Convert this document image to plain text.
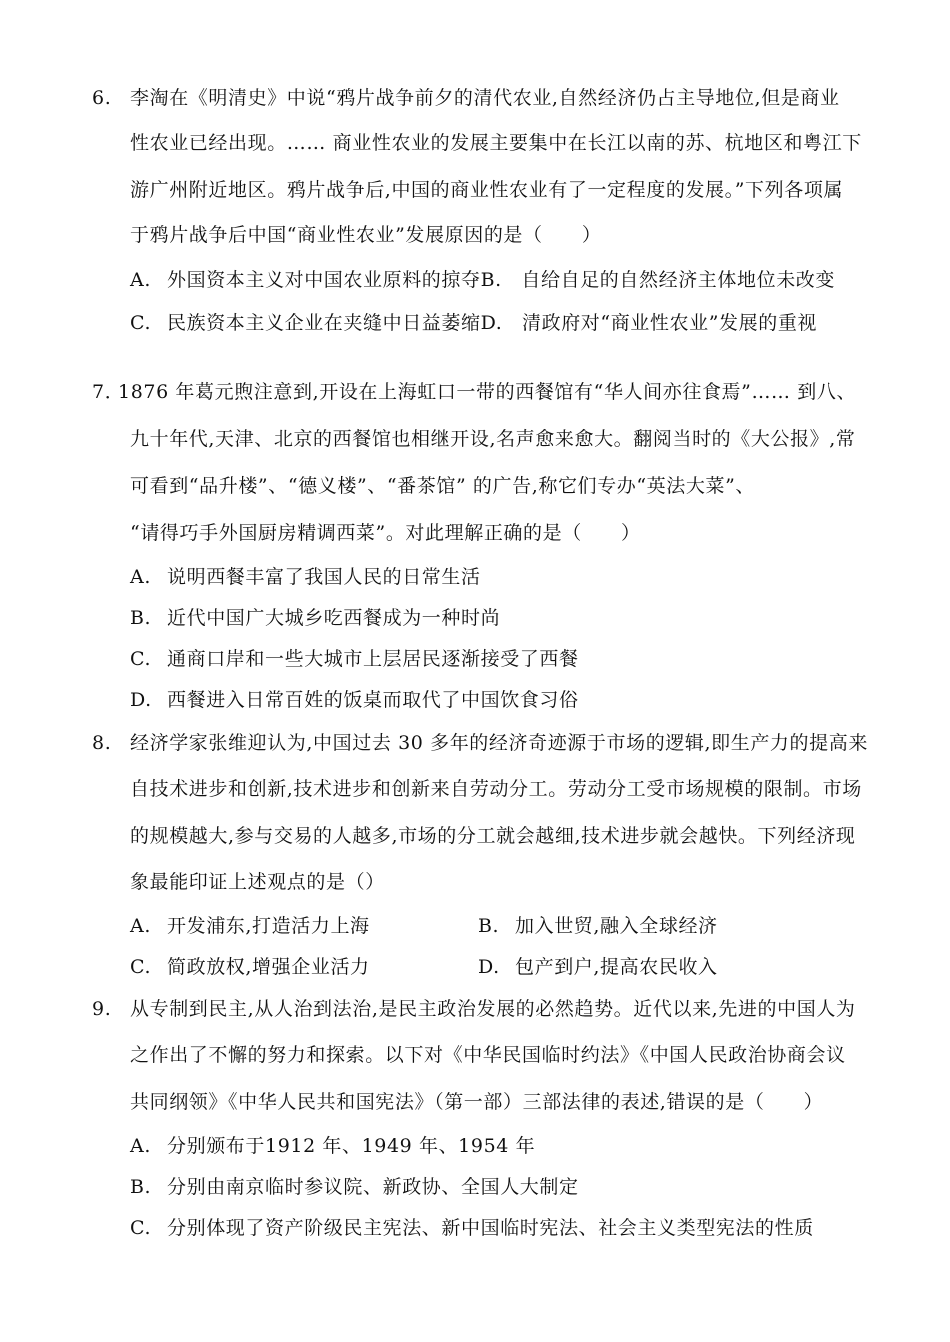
6. 李淘在《明清史》中说“鸦片战争前夕的清代农业,自然经济仍占主导地位,但是商业
性农业已经出现。…… 商业性农业的发展主要集中在长江以南的苏、杭地区和粤江下
游广州附近地区。鸦片战争后,中国的商业性农业有了一定程度的发展。”下列各项属
于鸦片战争后中国“商业性农业”发展原因的是（　　）
A. 外国资本主义对中国农业原料的掠夺B.　自给自足的自然经济主体地位未改变
C. 民族资本主义企业在夹缝中日益萎缩D.　清政府对“商业性农业”发展的重视
7．
1876 年葛元煦注意到,开设在上海虹口一带的西餐馆有“华人间亦往食焉”…… 到八、
九十年代,天津、北京的西餐馆也相继开设,名声愈来愈大。翻阅当时的《大公报》,常
可看到“品升楼”、“德义楼”、“番茶馆” 的广告,称它们专办“英法大菜”、
“请得巧手外国厨房精调西菜”。对此理解正确的是（　　）
A. 说明西餐丰富了我国人民的日常生活
B. 近代中国广大城乡吃西餐成为一种时尚
C. 通商口岸和一些大城市上层居民逐渐接受了西餐
D. 西餐进入日常百姓的饭桌而取代了中国饮食习俗
8. 经济学家张维迎认为,中国过去 30 多年的经济奇迹源于市场的逻辑,即生产力的提高来
自技术进步和创新,技术进步和创新来自劳动分工。劳动分工受市场规模的限制。市场
的规模越大,参与交易的人越多,市场的分工就会越细,技术进步就会越快。下列经济现
象最能印证上述观点的是（）
A. 开发浦东,打造活力上海	B. 加入世贸,融入全球经济
C. 简政放权,增强企业活力	D. 包产到户,提高农民收入
9. 从专制到民主,从人治到法治,是民主政治发展的必然趋势。近代以来,先进的中国人为
之作出了不懈的努力和探索。以下对《中华民国临时约法》《中国人民政治协商会议
共同纲领》《中华人民共和国宪法》（第一部）三部法律的表述,错误的是（　　）
A. 分别颁布于1912 年、1949 年、1954 年
B. 分别由南京临时参议院、新政协、全国人大制定
C. 分别体现了资产阶级民主宪法、新中国临时宪法、社会主义类型宪法的性质
